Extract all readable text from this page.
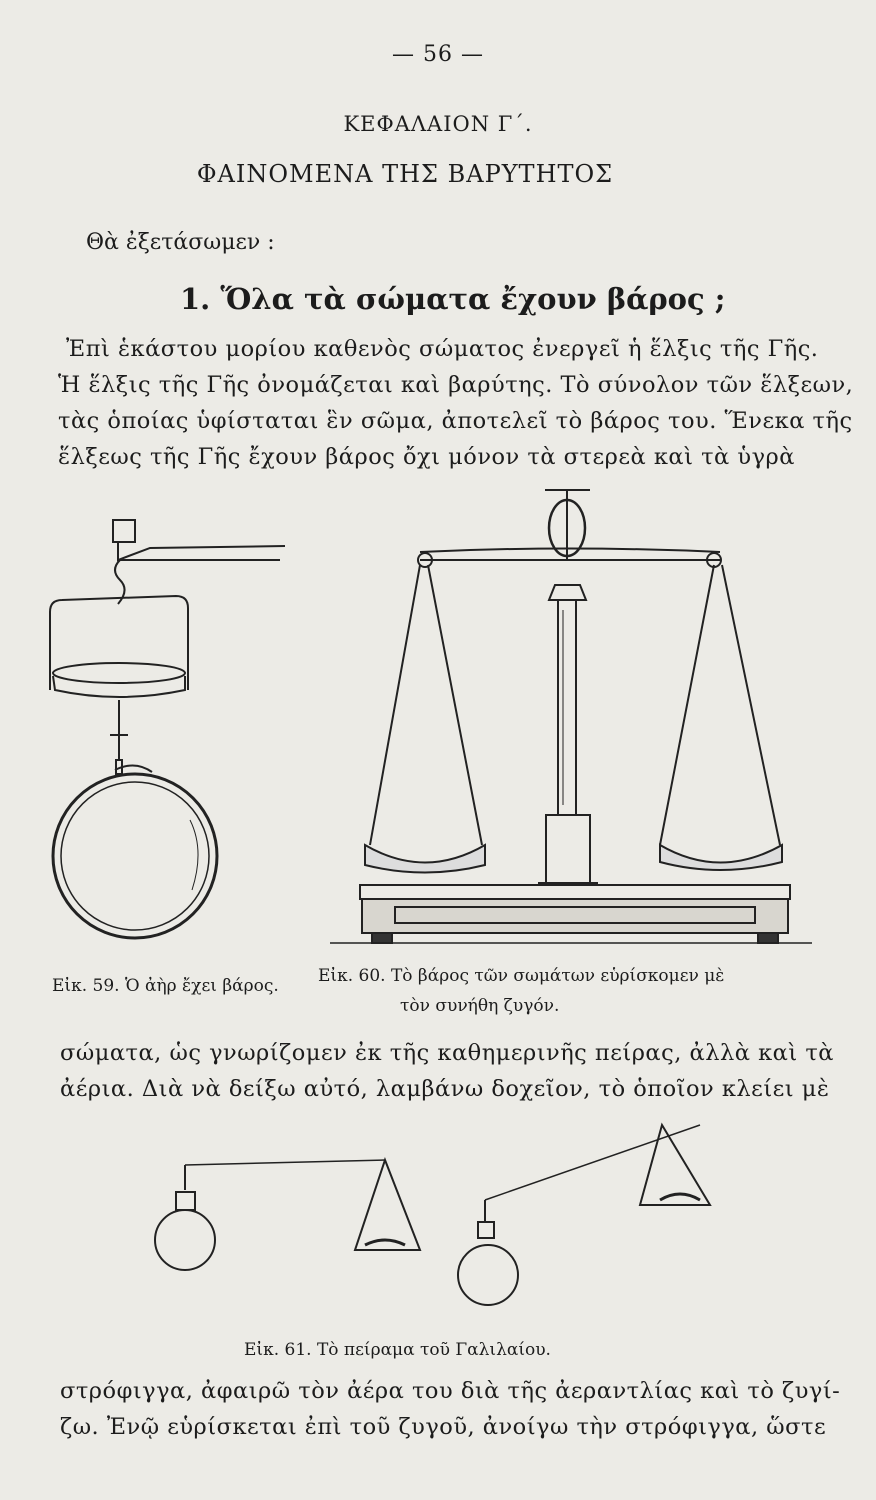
— 56 —
ΚΕΦΑΛΑΙΟΝ Γ΄.
ΦΑΙΝΟΜΕΝΑ ΤΗΣ ΒΑΡΥΤΗΤΟΣ
Θὰ ἐξετάσωμεν :
1. Ὅλα τὰ σώματα ἔχουν βάρος ;
Ἐπὶ ἑκάστου μορίου καθενὸς σώματος ἐνεργεῖ ἡ ἕλξις τῆς Γῆς.
Ἡ ἕλξις τῆς Γῆς ὀνομάζεται καὶ βαρύτης. Τὸ σύνολον τῶν ἕλξεων,
τὰς ὁποίας ὑφίσταται ἓν σῶμα, ἀποτελεῖ τὸ βάρος του. Ἕνεκα τῆς
ἕλξεως τῆς Γῆς ἔχουν βάρος ὄχι μόνον τὰ στερεὰ καὶ τὰ ὑγρὰ
Εἰκ. 59. Ὁ ἀὴρ ἔχει βάρος. Εἰκ. 60. Τὸ βάρος τῶν σωμάτων εὑρίσκομεν μὲ
τὸν συνήθη ζυγόν.
σώματα, ὡς γνωρίζομεν ἐκ τῆς καθημερινῆς πείρας, ἀλλὰ καὶ τὰ
ἀέρια. Διὰ νὰ δείξω αὐτό, λαμβάνω δοχεῖον, τὸ ὁποῖον κλείει μὲ
Εἰκ. 61. Τὸ πείραμα τοῦ Γαλιλαίου.
στρόφιγγα, ἀφαιρῶ τὸν ἀέρα του διὰ τῆς ἀεραντλίας καὶ τὸ ζυγί-
ζω. Ἐνῷ εὑρίσκεται ἐπὶ τοῦ ζυγοῦ, ἀνοίγω τὴν στρόφιγγα, ὥστε
